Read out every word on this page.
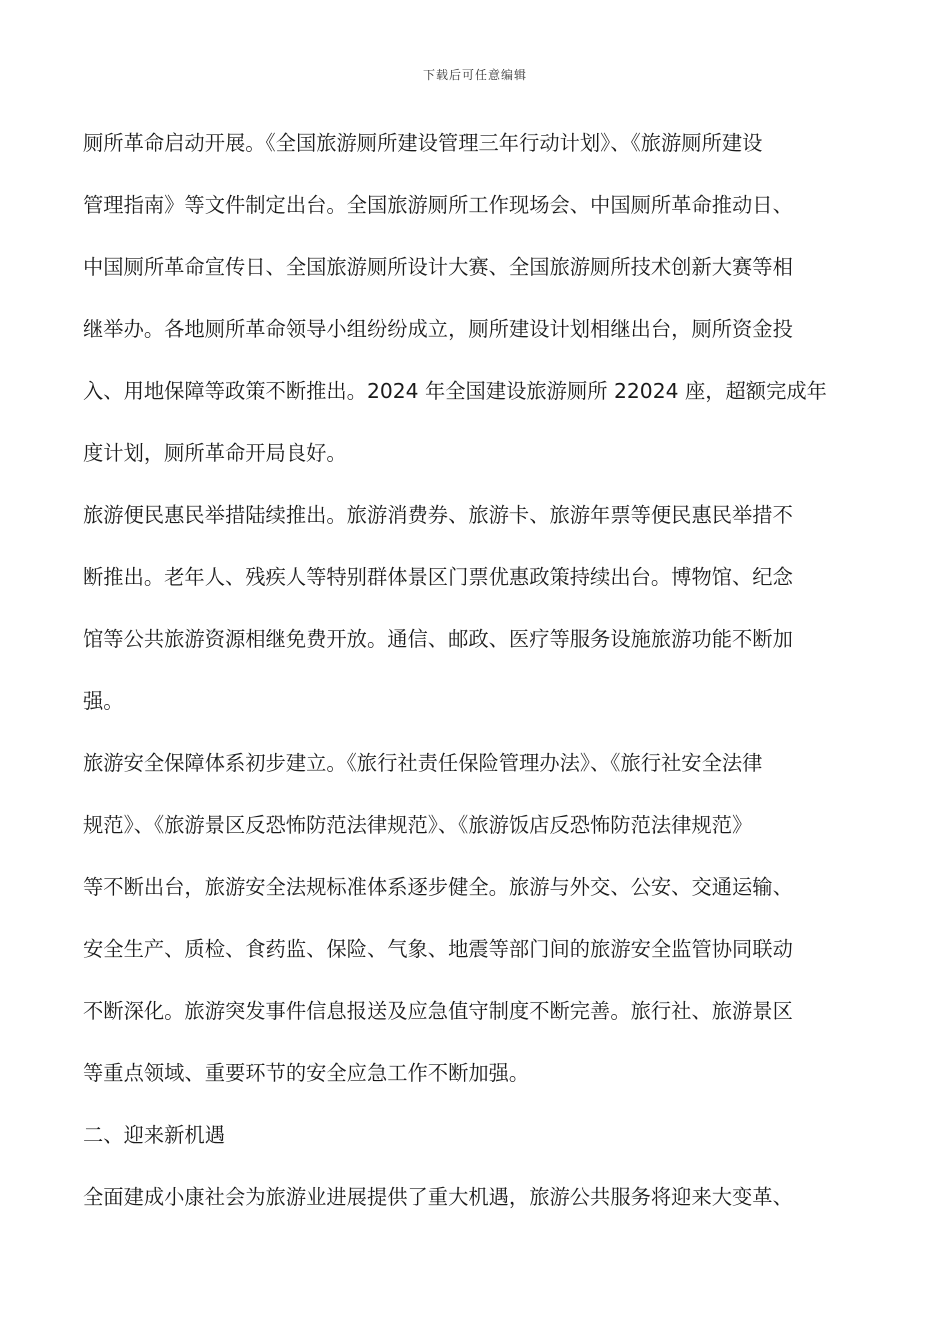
下载后可任意编辑

厕所革命启动开展。《全国旅游厕所建设管理三年行动计划》、《旅游厕所建设
管理指南》等文件制定出台。全国旅游厕所工作现场会、中国厕所革命推动日、
中国厕所革命宣传日、全国旅游厕所设计大赛、全国旅游厕所技术创新大赛等相
继举办。各地厕所革命领导小组纷纷成立，厕所建设计划相继出台，厕所资金投
入、用地保障等政策不断推出。2024 年全国建设旅游厕所 22024 座，超额完成年
度计划，厕所革命开局良好。

旅游便民惠民举措陆续推出。旅游消费券、旅游卡、旅游年票等便民惠民举措不
断推出。老年人、残疾人等特别群体景区门票优惠政策持续出台。博物馆、纪念
馆等公共旅游资源相继免费开放。通信、邮政、医疗等服务设施旅游功能不断加
强。

旅游安全保障体系初步建立。《旅行社责任保险管理办法》、《旅行社安全法律
规范》、《旅游景区反恐怖防范法律规范》、《旅游饭店反恐怖防范法律规范》
等不断出台，旅游安全法规标准体系逐步健全。旅游与外交、公安、交通运输、
安全生产、质检、食药监、保险、气象、地震等部门间的旅游安全监管协同联动
不断深化。旅游突发事件信息报送及应急值守制度不断完善。旅行社、旅游景区
等重点领域、重要环节的安全应急工作不断加强。

二、迎来新机遇

全面建成小康社会为旅游业进展提供了重大机遇，旅游公共服务将迎来大变革、
